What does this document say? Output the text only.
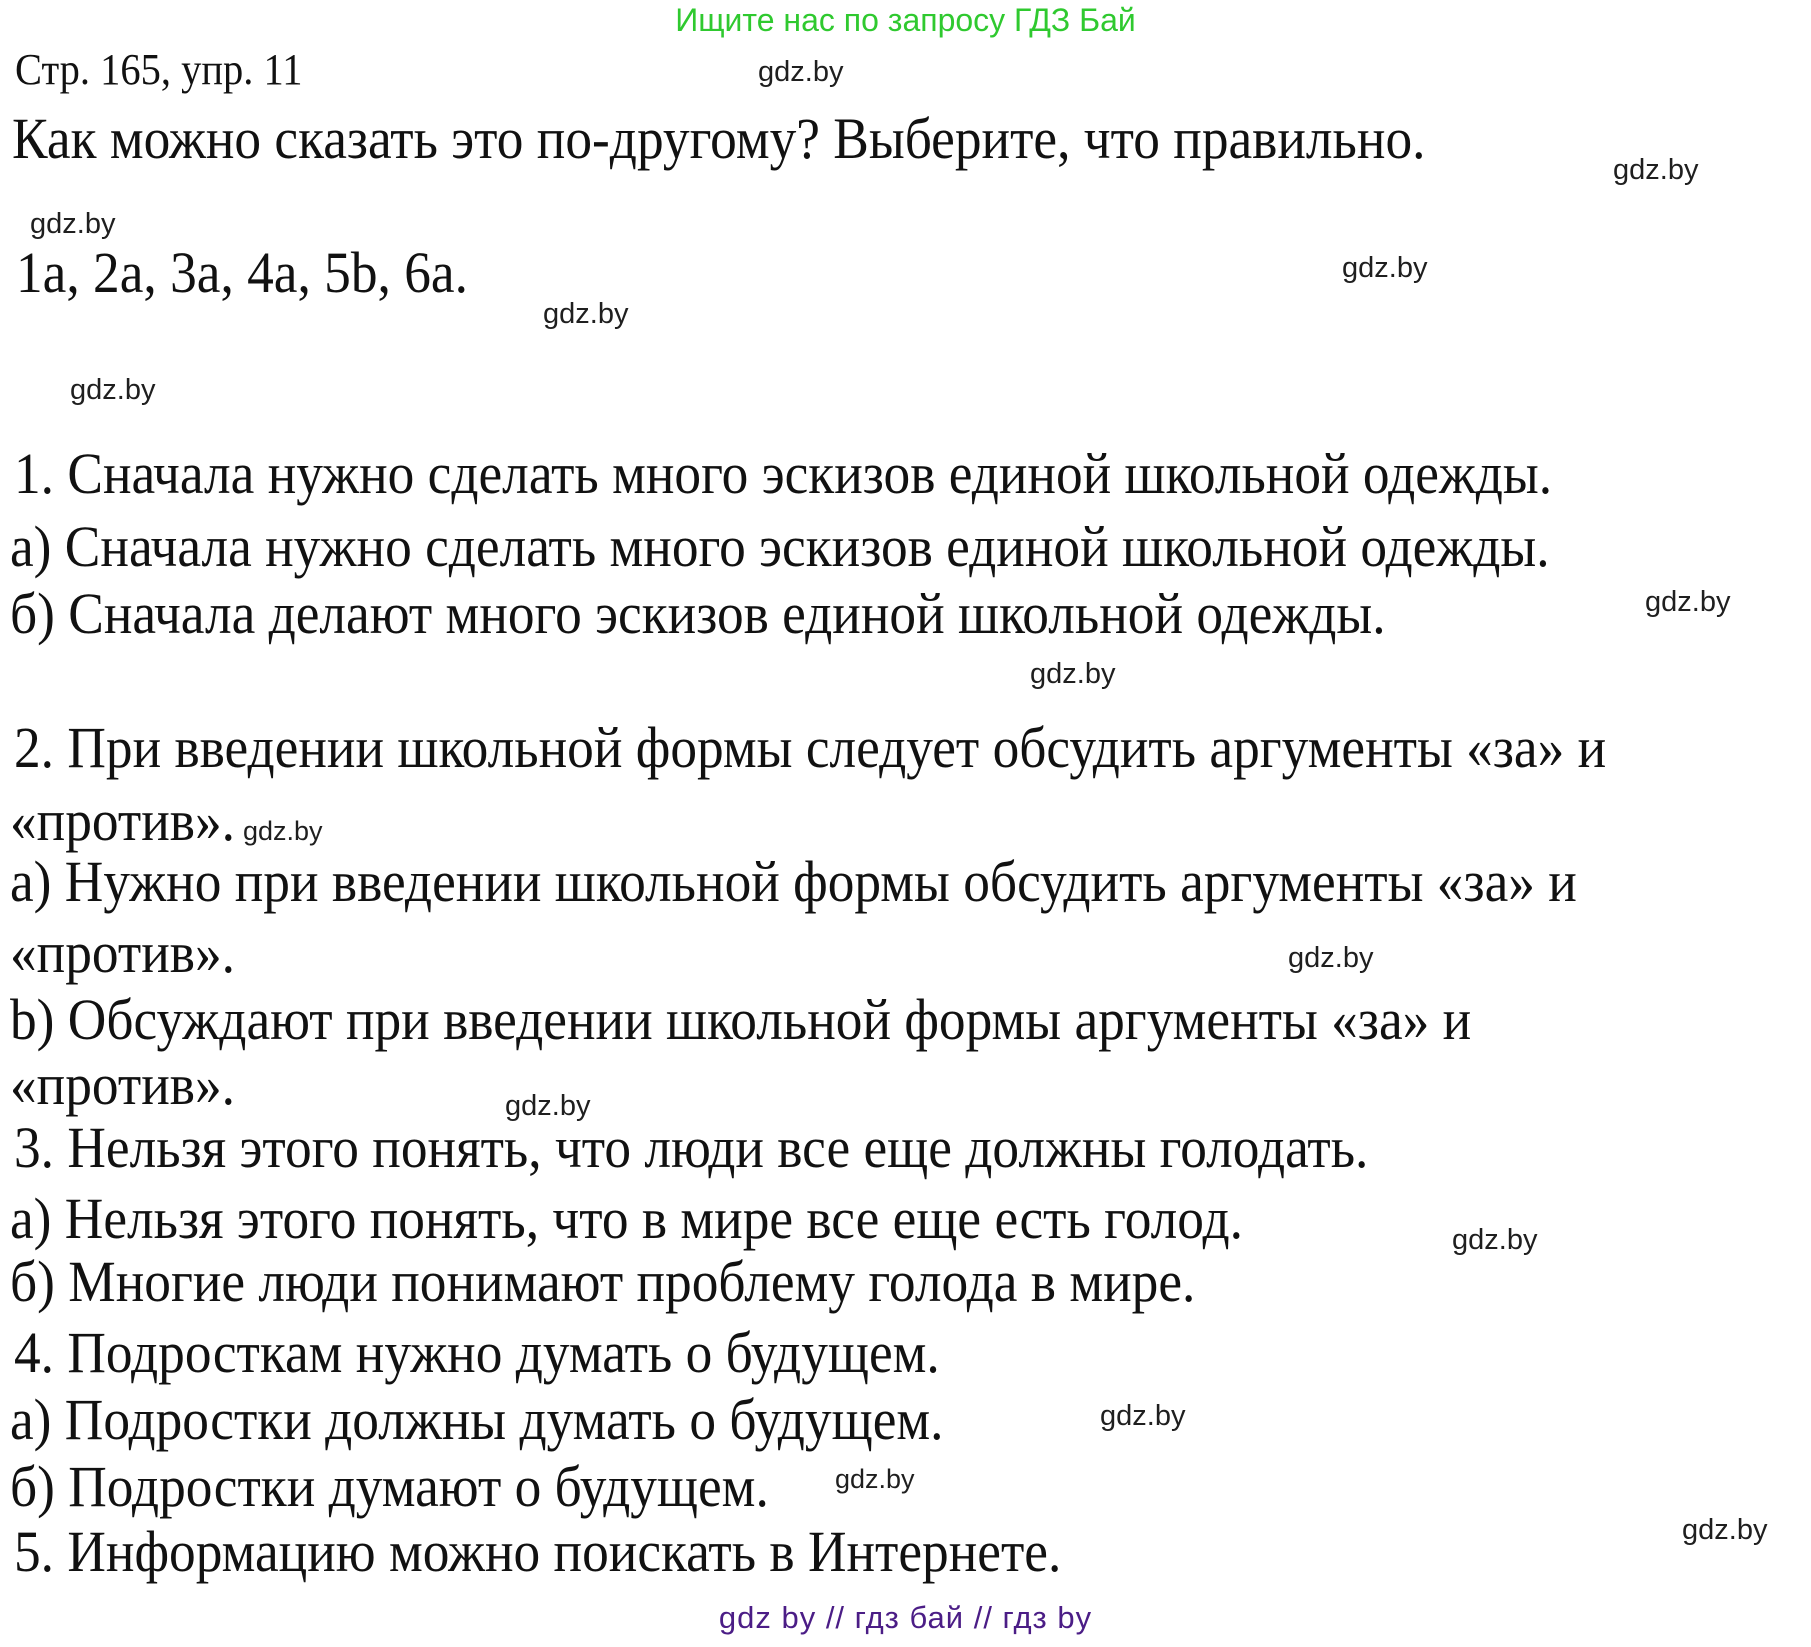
Ищите нас по запросу ГДЗ Бай
Стр. 165, упр. 11	gdz.by
Как можно сказать это по-другому? Выберите, что правильно.	gdz.by
gdz.by
1a, 2a, 3a, 4a, 5b, 6a.	gdz.by
gdz.by
gdz.by
1. Сначала нужно сделать много эскизов единой школьной одежды.
а) Сначала нужно сделать много эскизов единой школьной одежды.
б) Сначала делают много эскизов единой школьной одежды.	gdz.by
gdz.by
2. При введении школьной формы следует обсудить аргументы «за» и
«против». gdz.by
а) Нужно при введении школьной формы обсудить аргументы «за» и
«против».	gdz.by
b) Обсуждают при введении школьной формы аргументы «за» и
«против».	gdz.by
3. Нельзя этого понять, что люди все еще должны голодать.
а) Нельзя этого понять, что в мире все еще есть голод.	gdz.by
б) Многие люди понимают проблему голода в мире.
4. Подросткам нужно думать о будущем.
а) Подростки должны думать о будущем.	gdz.by
б) Подростки думают о будущем. gdz.by
gdz.by
5. Информацию можно поискать в Интернете.
gdz by // гдз бай // гдз by
